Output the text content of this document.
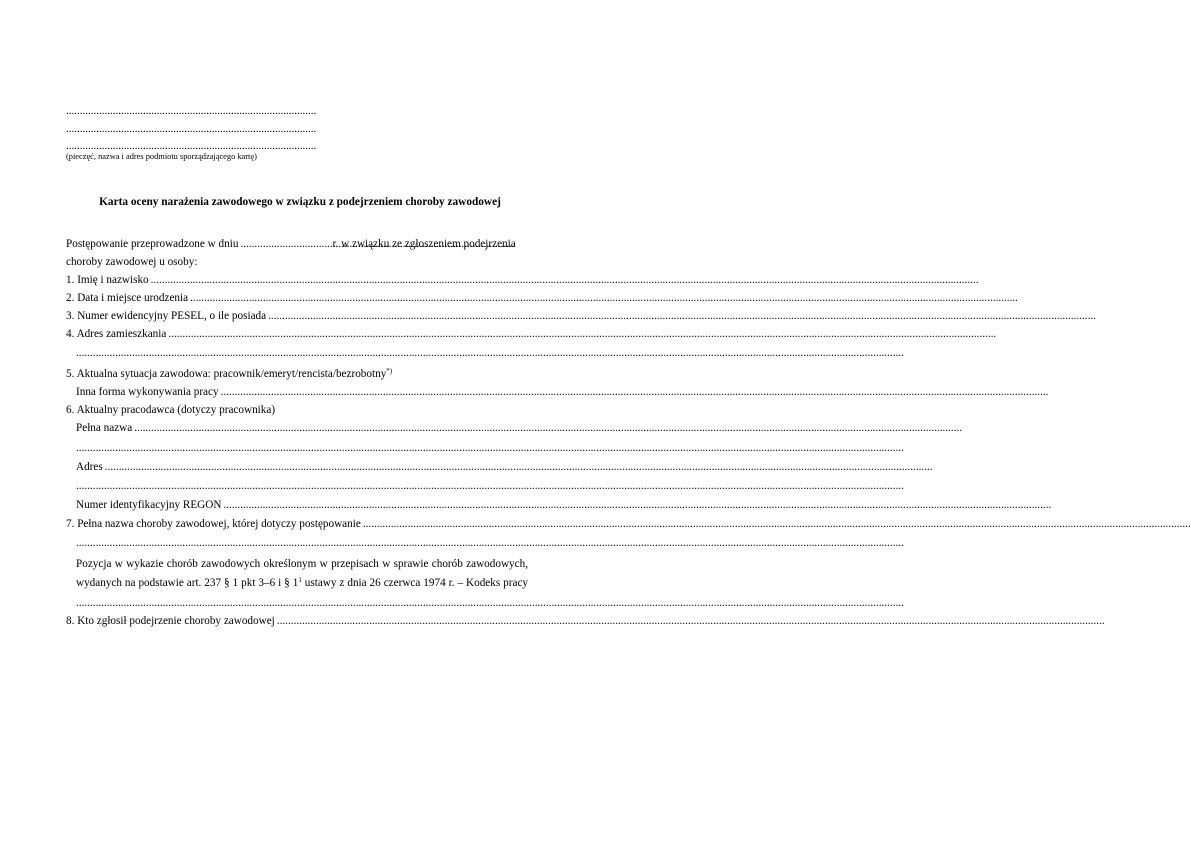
...........................................................................................
...........................................................................................
...........................................................................................
(pieczęć, nazwa i adres podmiotu sporządzającego kartę)
Karta oceny narażenia zawodowego w związku z podejrzeniem choroby zawodowej
Postępowanie przeprowadzone w dniu
.....	r. w związku ze zgłoszeniem podejrzenia
choroby zawodowej u osoby:
1. Imię i nazwisko
.....
2. Data i miejsce urodzenia
.....
3. Numer ewidencyjny PESEL, o ile posiada
.....
4. Adres zamieszkania
.....
.....
5. Aktualna sytuacja zawodowa: pracownik/emeryt/rencista/bezrobotny*)
Inna forma wykonywania pracy
.....
6. Aktualny pracodawca (dotyczy pracownika)
Pełna nazwa
.....
.....
Adres
.....
.....
Numer identyfikacyjny REGON
.....
7. Pełna nazwa choroby zawodowej, której dotyczy postępowanie
.....
.....
Pozycja w wykazie chorób zawodowych określonym w przepisach w sprawie chorób zawodowych,
wydanych na podstawie art. 237 § 1 pkt 3–6 i § $1^1$ ustawy z dnia 26 czerwca 1974 r. – Kodeks pracy
.....
8. Kto zgłosił podejrzenie choroby zawodowej
.....
